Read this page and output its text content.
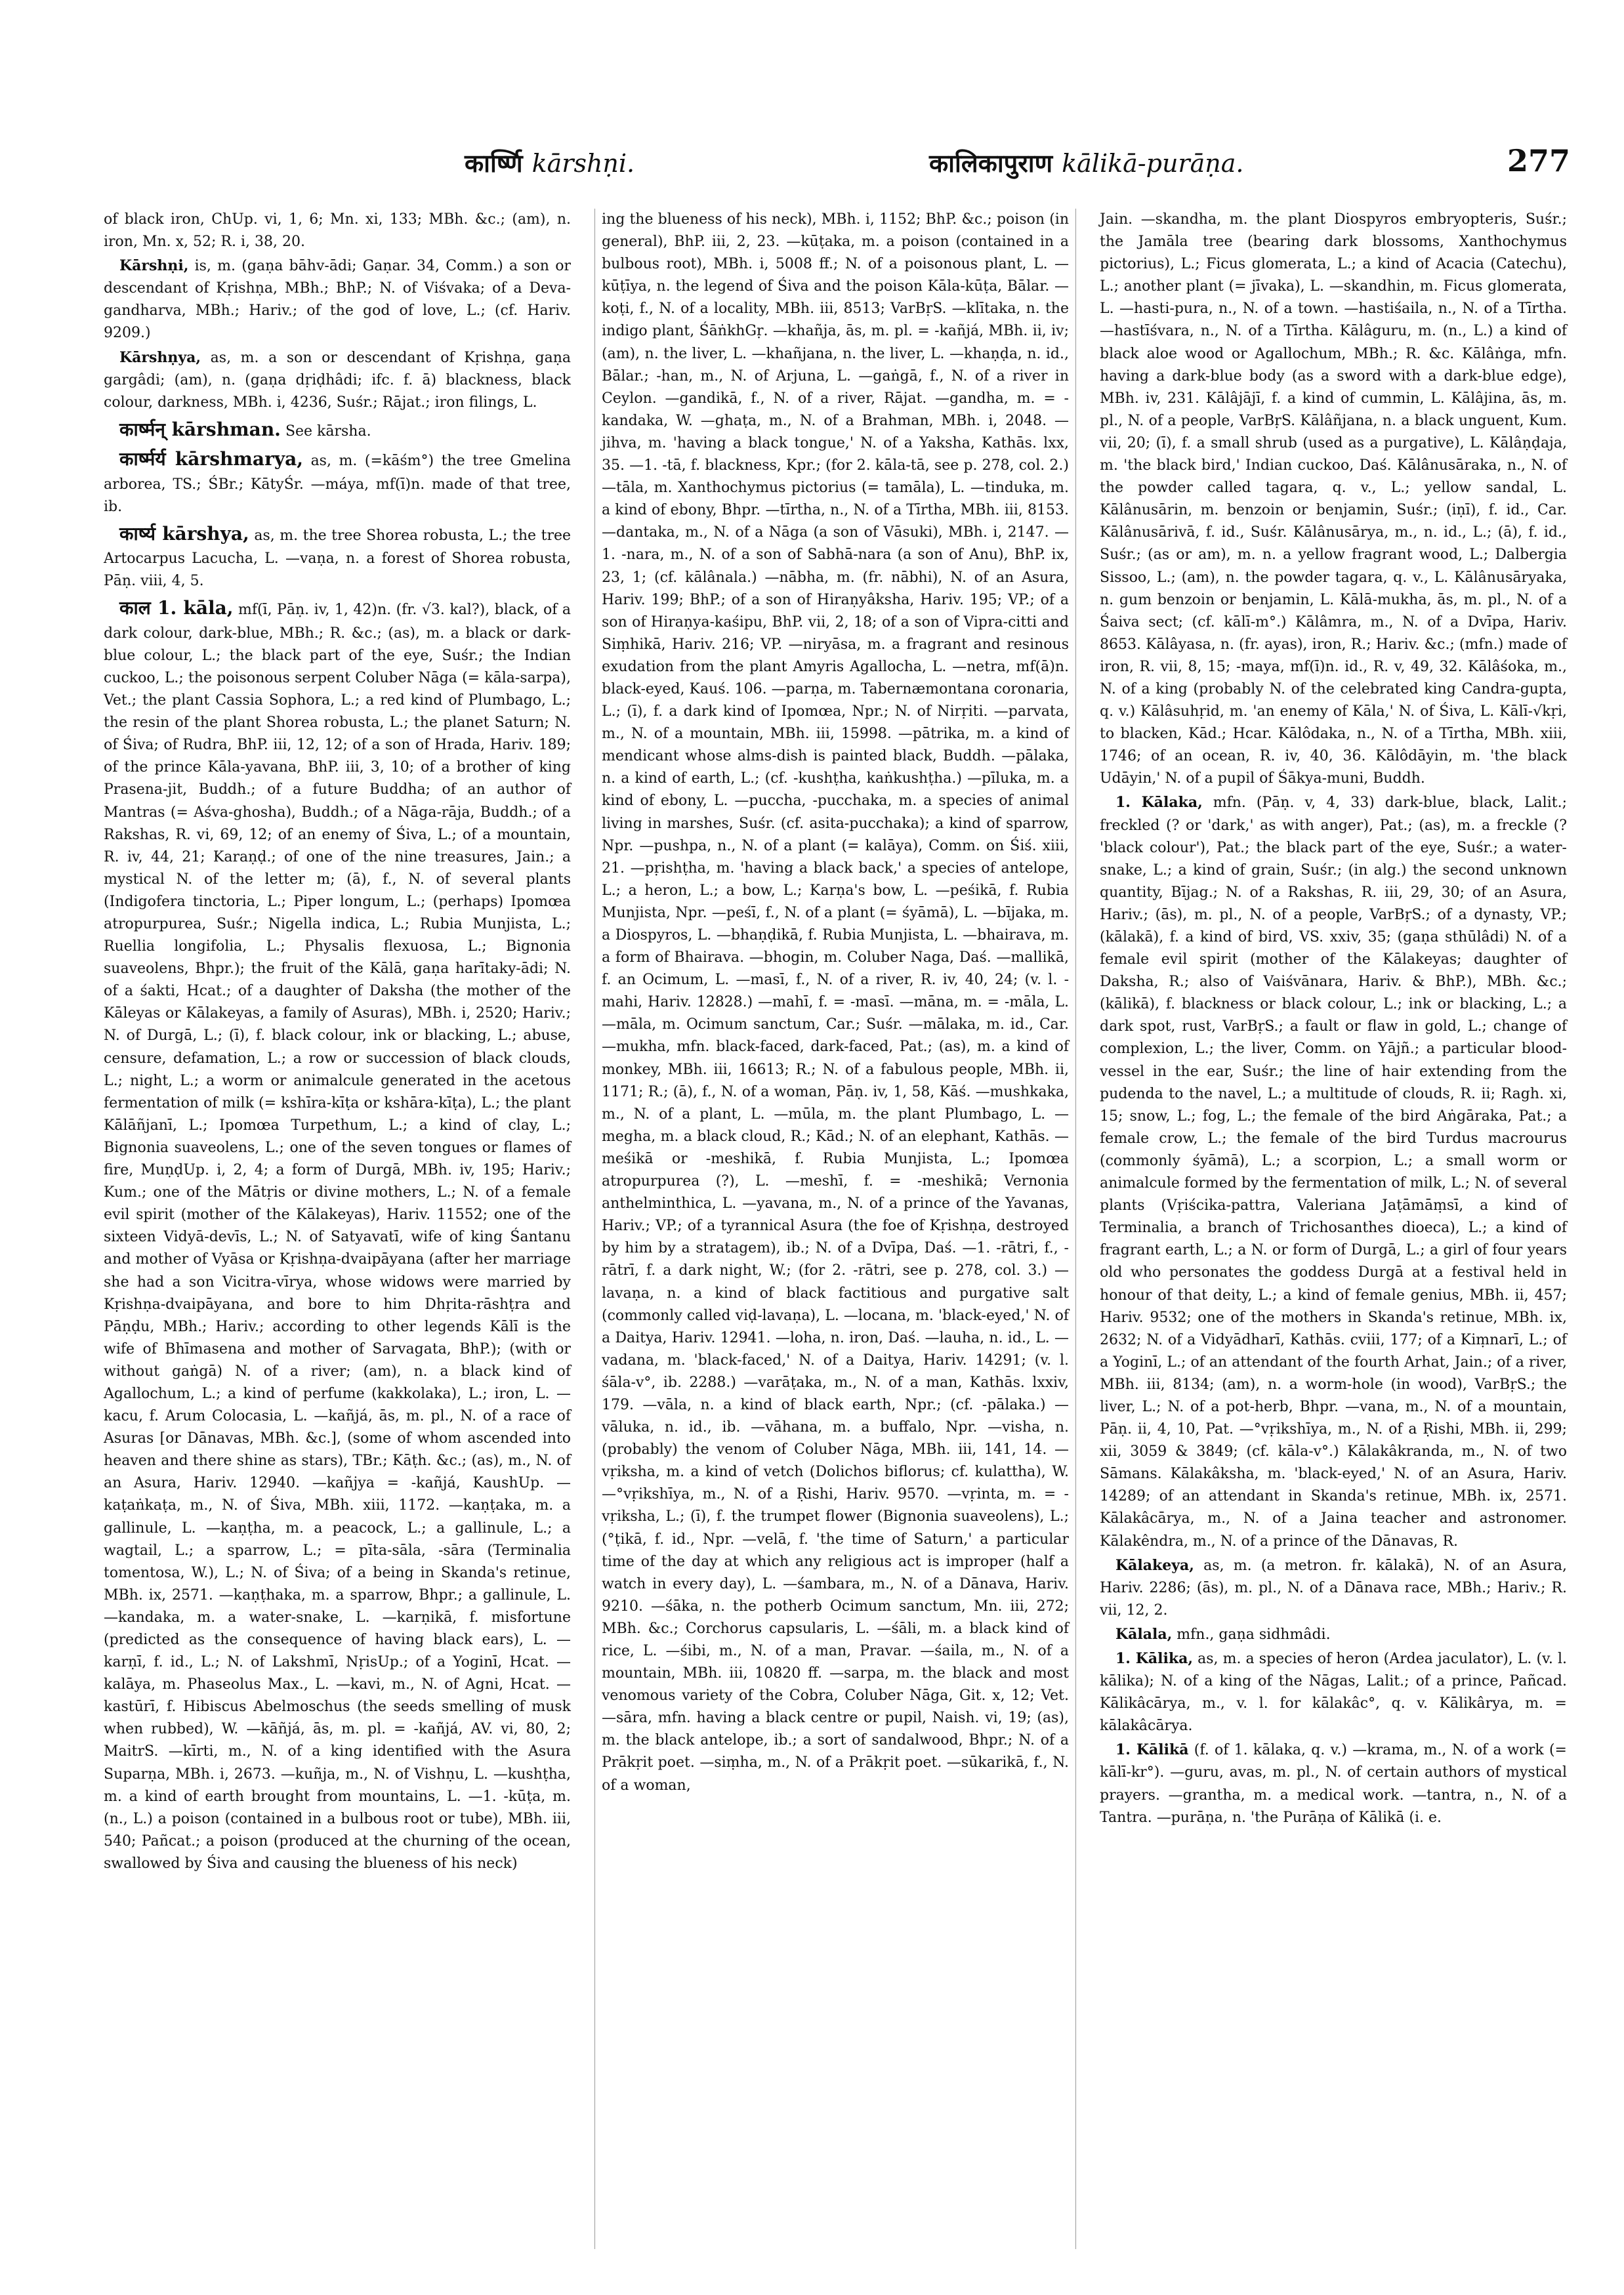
कार्ष्णि kārshṇi.	कालिकापुराण kālikā-purāṇa.	277

of black iron, ChUp. vi, 1, 6; Mn. xi, 133; MBh. &c.; (am), n. iron, Mn. x, 52; R. i, 38, 20.

Kārshṇi, is, m. (gaṇa bāhv-ādi; Gaṇar. 34, Comm.) a son or descendant of Kṛishṇa, MBh.; BhP.; N. of Viśvaka; of a Deva-gandharva, MBh.; Hariv.; of the god of love, L.; (cf. Hariv. 9209.)

Kārshṇya, as, m. a son or descendant of Kṛishṇa, gaṇa gargâdi; (am), n. (gaṇa dṛiḍhâdi; ifc. f. ā) blackness, black colour, darkness, MBh. i, 4236, Suśr.; Rājat.; iron filings, L.

कार्ष्मन् kārshman. See kārsha.

कार्ष्मर्य kārshmarya, as, m. (=kāśm°) the tree Gmelina arborea, TS.; ŚBr.; KātyŚr. —máya, mf(ī)n. made of that tree, ib.

कार्ष्य kārshya, as, m. the tree Shorea robusta, L.; the tree Artocarpus Lacucha, L. —vaṇa, n. a forest of Shorea robusta, Pāṇ. viii, 4, 5.

काल 1. kāla, mf(ī, Pāṇ. iv, 1, 42)n. (fr. √3. kal?), black, of a dark colour, dark-blue, MBh.; R. &c.; (as), m. a black or dark-blue colour, L.; the black part of the eye, Suśr.; the Indian cuckoo, L.; the poisonous serpent Coluber Nāga (= kāla-sarpa), Vet.; the plant Cassia Sophora, L.; a red kind of Plumbago, L.; the resin of the plant Shorea robusta, L.; the planet Saturn; N. of Śiva; of Rudra, BhP. iii, 12, 12; of a son of Hrada, Hariv. 189; of the prince Kāla-yavana, BhP. iii, 3, 10; of a brother of king Prasena-jit, Buddh.; of a future Buddha; of an author of Mantras (= Aśva-ghosha), Buddh.; of a Nāga-rāja, Buddh.; of a Rakshas, R. vi, 69, 12; of an enemy of Śiva, L.; of a mountain, R. iv, 44, 21; Karaṇḍ.; of one of the nine treasures, Jain.; a mystical N. of the letter m; (ā), f., N. of several plants (Indigofera tinctoria, L.; Piper longum, L.; (perhaps) Ipomœa atropurpurea, Suśr.; Nigella indica, L.; Rubia Munjista, L.; Ruellia longifolia, L.; Physalis flexuosa, L.; Bignonia suaveolens, Bhpr.); the fruit of the Kālā, gaṇa harītaky-ādi; N. of a śakti, Hcat.; of a daughter of Daksha (the mother of the Kāleyas or Kālakeyas, a family of Asuras), MBh. i, 2520; Hariv.; N. of Durgā, L.; (ī), f. black colour, ink or blacking, L.; abuse, censure, defamation, L.; a row or succession of black clouds, L.; night, L.; a worm or animalcule generated in the acetous fermentation of milk (= kshīra-kīṭa or kshāra-kīṭa), L.; the plant Kālāñjanī, L.; Ipomœa Turpethum, L.; a kind of clay, L.; Bignonia suaveolens, L.; one of the seven tongues or flames of fire, MuṇḍUp. i, 2, 4; a form of Durgā, MBh. iv, 195; Hariv.; Kum.; one of the Mātṛis or divine mothers, L.; N. of a female evil spirit (mother of the Kālakeyas), Hariv. 11552; one of the sixteen Vidyā-devīs, L.; N. of Satyavatī, wife of king Śantanu and mother of Vyāsa or Kṛishṇa-dvaipāyana (after her marriage she had a son Vicitra-vīrya, whose widows were married by Kṛishṇa-dvaipāyana, and bore to him Dhṛita-rāshṭra and Pāṇḍu, MBh.; Hariv.; according to other legends Kālī is the wife of Bhīmasena and mother of Sarvagata, BhP.); (with or without gaṅgā) N. of a river; (am), n. a black kind of Agallochum, L.; a kind of perfume (kakkolaka), L.; iron, L. —kacu, f. Arum Colocasia, L. —kañjá, ās, m. pl., N. of a race of Asuras [or Dānavas, MBh. &c.], (some of whom ascended into heaven and there shine as stars), TBr.; Kāṭh. &c.; (as), m., N. of an Asura, Hariv. 12940. —kañjya = -kañjá, KaushUp. —kaṭaṅkaṭa, m., N. of Śiva, MBh. xiii, 1172. —kaṇṭaka, m. a gallinule, L. —kaṇṭha, m. a peacock, L.; a gallinule, L.; a wagtail, L.; a sparrow, L.; = pīta-sāla, -sāra (Terminalia tomentosa, W.), L.; N. of Śiva; of a being in Skanda's retinue, MBh. ix, 2571. —kaṇṭhaka, m. a sparrow, Bhpr.; a gallinule, L. —kandaka, m. a water-snake, L. —karṇikā, f. misfortune (predicted as the consequence of having black ears), L. —karṇī, f. id., L.; N. of Lakshmī, NṛisUp.; of a Yoginī, Hcat. —kalāya, m. Phaseolus Max., L. —kavi, m., N. of Agni, Hcat. —kastūrī, f. Hibiscus Abelmoschus (the seeds smelling of musk when rubbed), W. —kāñjá, ās, m. pl. = -kañjá, AV. vi, 80, 2; MaitrS. —kīrti, m., N. of a king identified with the Asura Suparṇa, MBh. i, 2673. —kuñja, m., N. of Vishṇu, L. —kushṭha, m. a kind of earth brought from mountains, L. —1. -kūṭa, m. (n., L.) a poison (contained in a bulbous root or tube), MBh. iii, 540; Pañcat.; a poison (produced at the churning of the ocean, swallowed by Śiva and causing the blueness of his neck)

ing the blueness of his neck), MBh. i, 1152; BhP. &c.; poison (in general), BhP. iii, 2, 23. —kūṭaka, m. a poison (contained in a bulbous root), MBh. i, 5008 ff.; N. of a poisonous plant, L. —kūṭīya, n. the legend of Śiva and the poison Kāla-kūṭa, Bālar. —koṭi, f., N. of a locality, MBh. iii, 8513; VarBṛS. —klītaka, n. the indigo plant, ŚāṅkhGṛ. —khañja, ās, m. pl. = -kañjá, MBh. ii, iv; (am), n. the liver, L. —khañjana, n. the liver, L. —khaṇḍa, n. id., Bālar.; -han, m., N. of Arjuna, L. —gaṅgā, f., N. of a river in Ceylon. —gandikā, f., N. of a river, Rājat. —gandha, m. = -kandaka, W. —ghaṭa, m., N. of a Brahman, MBh. i, 2048. —jihva, m. 'having a black tongue,' N. of a Yaksha, Kathās. lxx, 35. —1. -tā, f. blackness, Kpr.; (for 2. kāla-tā, see p. 278, col. 2.) —tāla, m. Xanthochymus pictorius (= tamāla), L. —tinduka, m. a kind of ebony, Bhpr. —tīrtha, n., N. of a Tīrtha, MBh. iii, 8153. —dantaka, m., N. of a Nāga (a son of Vāsuki), MBh. i, 2147. —1. -nara, m., N. of a son of Sabhā-nara (a son of Anu), BhP. ix, 23, 1; (cf. kālânala.) —nābha, m. (fr. nābhi), N. of an Asura, Hariv. 199; BhP.; of a son of Hiraṇyâksha, Hariv. 195; VP.; of a son of Hiraṇya-kaśipu, BhP. vii, 2, 18; of a son of Vipra-citti and Siṃhikā, Hariv. 216; VP. —niryāsa, m. a fragrant and resinous exudation from the plant Amyris Agallocha, L. —netra, mf(ā)n. black-eyed, Kauś. 106. —parṇa, m. Tabernæmontana coronaria, L.; (ī), f. a dark kind of Ipomœa, Npr.; N. of Nirṛiti. —parvata, m., N. of a mountain, MBh. iii, 15998. —pātrika, m. a kind of mendicant whose alms-dish is painted black, Buddh. —pālaka, n. a kind of earth, L.; (cf. -kushṭha, kaṅkushṭha.) —pīluka, m. a kind of ebony, L. —puccha, -pucchaka, m. a species of animal living in marshes, Suśr. (cf. asita-pucchaka); a kind of sparrow, Npr. —pushpa, n., N. of a plant (= kalāya), Comm. on Śiś. xiii, 21. —pṛishṭha, m. 'having a black back,' a species of antelope, L.; a heron, L.; a bow, L.; Karṇa's bow, L. —peśikā, f. Rubia Munjista, Npr. —peśī, f., N. of a plant (= śyāmā), L. —bījaka, m. a Diospyros, L. —bhaṇḍikā, f. Rubia Munjista, L. —bhairava, m. a form of Bhairava. —bhogin, m. Coluber Naga, Daś. —mallikā, f. an Ocimum, L. —masī, f., N. of a river, R. iv, 40, 24; (v. l. -mahi, Hariv. 12828.) —mahī, f. = -masī. —māna, m. = -māla, L. —māla, m. Ocimum sanctum, Car.; Suśr. —mālaka, m. id., Car. —mukha, mfn. black-faced, dark-faced, Pat.; (as), m. a kind of monkey, MBh. iii, 16613; R.; N. of a fabulous people, MBh. ii, 1171; R.; (ā), f., N. of a woman, Pāṇ. iv, 1, 58, Kāś. —mushkaka, m., N. of a plant, L. —mūla, m. the plant Plumbago, L. —megha, m. a black cloud, R.; Kād.; N. of an elephant, Kathās. —meśikā or -meshikā, f. Rubia Munjista, L.; Ipomœa atropurpurea (?), L. —meshī, f. = -meshikā; Vernonia anthelminthica, L. —yavana, m., N. of a prince of the Yavanas, Hariv.; VP.; of a tyrannical Asura (the foe of Kṛishṇa, destroyed by him by a stratagem), ib.; N. of a Dvīpa, Daś. —1. -rātri, f., -rātrī, f. a dark night, W.; (for 2. -rātri, see p. 278, col. 3.) —lavaṇa, n. a kind of black factitious and purgative salt (commonly called viḍ-lavaṇa), L. —locana, m. 'black-eyed,' N. of a Daitya, Hariv. 12941. —loha, n. iron, Daś. —lauha, n. id., L. —vadana, m. 'black-faced,' N. of a Daitya, Hariv. 14291; (v. l. śāla-v°, ib. 2288.) —varāṭaka, m., N. of a man, Kathās. lxxiv, 179. —vāla, n. a kind of black earth, Npr.; (cf. -pālaka.) —vāluka, n. id., ib. —vāhana, m. a buffalo, Npr. —visha, n. (probably) the venom of Coluber Nāga, MBh. iii, 141, 14. —vṛiksha, m. a kind of vetch (Dolichos biflorus; cf. kulattha), W. —°vṛikshīya, m., N. of a Ṛishi, Hariv. 9570. —vṛinta, m. = -vṛiksha, L.; (ī), f. the trumpet flower (Bignonia suaveolens), L.; (°ṭikā, f. id., Npr. —velā, f. 'the time of Saturn,' a particular time of the day at which any religious act is improper (half a watch in every day), L. —śambara, m., N. of a Dānava, Hariv. 9210. —śāka, n. the potherb Ocimum sanctum, Mn. iii, 272; MBh. &c.; Corchorus capsularis, L. —śāli, m. a black kind of rice, L. —śibi, m., N. of a man, Pravar. —śaila, m., N. of a mountain, MBh. iii, 10820 ff. —sarpa, m. the black and most venomous variety of the Cobra, Coluber Nāga, Git. x, 12; Vet. —sāra, mfn. having a black centre or pupil, Naish. vi, 19; (as), m. the black antelope, ib.; a sort of sandalwood, Bhpr.; N. of a Prākṛit poet. —siṃha, m., N. of a Prākṛit poet. —sūkarikā, f., N. of a woman,

Jain. —skandha, m. the plant Diospyros embryopteris, Suśr.; the Jamāla tree (bearing dark blossoms, Xanthochymus pictorius), L.; Ficus glomerata, L.; a kind of Acacia (Catechu), L.; another plant (= jīvaka), L. —skandhin, m. Ficus glomerata, L. —hasti-pura, n., N. of a town. —hastiśaila, n., N. of a Tīrtha. —hastīśvara, n., N. of a Tīrtha. Kālâguru, m. (n., L.) a kind of black aloe wood or Agallochum, MBh.; R. &c. Kālâṅga, mfn. having a dark-blue body (as a sword with a dark-blue edge), MBh. iv, 231. Kālâjājī, f. a kind of cummin, L. Kālâjina, ās, m. pl., N. of a people, VarBṛS. Kālâñjana, n. a black unguent, Kum. vii, 20; (ī), f. a small shrub (used as a purgative), L. Kālâṇḍaja, m. 'the black bird,' Indian cuckoo, Daś. Kālânusāraka, n., N. of the powder called tagara, q. v., L.; yellow sandal, L. Kālânusārin, m. benzoin or benjamin, Suśr.; (iṇī), f. id., Car. Kālânusārivā, f. id., Suśr. Kālânusārya, m., n. id., L.; (ā), f. id., Suśr.; (as or am), m. n. a yellow fragrant wood, L.; Dalbergia Sissoo, L.; (am), n. the powder tagara, q. v., L. Kālânusāryaka, n. gum benzoin or benjamin, L. Kālā-mukha, ās, m. pl., N. of a Śaiva sect; (cf. kālī-m°.) Kālâmra, m., N. of a Dvīpa, Hariv. 8653. Kālâyasa, n. (fr. ayas), iron, R.; Hariv. &c.; (mfn.) made of iron, R. vii, 8, 15; -maya, mf(ī)n. id., R. v, 49, 32. Kālâśoka, m., N. of a king (probably N. of the celebrated king Candra-gupta, q. v.) Kālâsuhṛid, m. 'an enemy of Kāla,' N. of Śiva, L. Kālī-√kṛi, to blacken, Kād.; Hcar. Kālôdaka, n., N. of a Tīrtha, MBh. xiii, 1746; of an ocean, R. iv, 40, 36. Kālôdāyin, m. 'the black Udāyin,' N. of a pupil of Śākya-muni, Buddh.

1. Kālaka, mfn. (Pāṇ. v, 4, 33) dark-blue, black, Lalit.; freckled (? or 'dark,' as with anger), Pat.; (as), m. a freckle (? 'black colour'), Pat.; the black part of the eye, Suśr.; a water-snake, L.; a kind of grain, Suśr.; (in alg.) the second unknown quantity, Bījag.; N. of a Rakshas, R. iii, 29, 30; of an Asura, Hariv.; (ās), m. pl., N. of a people, VarBṛS.; of a dynasty, VP.; (kālakā), f. a kind of bird, VS. xxiv, 35; (gaṇa sthūlâdi) N. of a female evil spirit (mother of the Kālakeyas; daughter of Daksha, R.; also of Vaiśvānara, Hariv. & BhP.), MBh. &c.; (kālikā), f. blackness or black colour, L.; ink or blacking, L.; a dark spot, rust, VarBṛS.; a fault or flaw in gold, L.; change of complexion, L.; the liver, Comm. on Yājñ.; a particular blood-vessel in the ear, Suśr.; the line of hair extending from the pudenda to the navel, L.; a multitude of clouds, R. ii; Ragh. xi, 15; snow, L.; fog, L.; the female of the bird Aṅgāraka, Pat.; a female crow, L.; the female of the bird Turdus macrourus (commonly śyāmā), L.; a scorpion, L.; a small worm or animalcule formed by the fermentation of milk, L.; N. of several plants (Vṛiścika-pattra, Valeriana Jaṭāmāṃsī, a kind of Terminalia, a branch of Trichosanthes dioeca), L.; a kind of fragrant earth, L.; a N. or form of Durgā, L.; a girl of four years old who personates the goddess Durgā at a festival held in honour of that deity, L.; a kind of female genius, MBh. ii, 457; Hariv. 9532; one of the mothers in Skanda's retinue, MBh. ix, 2632; N. of a Vidyādharī, Kathās. cviii, 177; of a Kiṃnarī, L.; of a Yoginī, L.; of an attendant of the fourth Arhat, Jain.; of a river, MBh. iii, 8134; (am), n. a worm-hole (in wood), VarBṛS.; the liver, L.; N. of a pot-herb, Bhpr. —vana, m., N. of a mountain, Pāṇ. ii, 4, 10, Pat. —°vṛikshīya, m., N. of a Ṛishi, MBh. ii, 299; xii, 3059 & 3849; (cf. kāla-v°.) Kālakâkranda, m., N. of two Sāmans. Kālakâksha, m. 'black-eyed,' N. of an Asura, Hariv. 14289; of an attendant in Skanda's retinue, MBh. ix, 2571. Kālakâcārya, m., N. of a Jaina teacher and astronomer. Kālakêndra, m., N. of a prince of the Dānavas, R.

Kālakeya, as, m. (a metron. fr. kālakā), N. of an Asura, Hariv. 2286; (ās), m. pl., N. of a Dānava race, MBh.; Hariv.; R. vii, 12, 2.

Kālala, mfn., gaṇa sidhmâdi.

1. Kālika, as, m. a species of heron (Ardea jaculator), L. (v. l. kālika); N. of a king of the Nāgas, Lalit.; of a prince, Pañcad. Kālikâcārya, m., v. l. for kālakâc°, q. v. Kālikârya, m. = kālakâcārya.

1. Kālikā (f. of 1. kālaka, q. v.) —krama, m., N. of a work (= kālī-kr°). —guru, avas, m. pl., N. of certain authors of mystical prayers. —grantha, m. a medical work. —tantra, n., N. of a Tantra. —purāṇa, n. 'the Purāṇa of Kālikā (i. e.
